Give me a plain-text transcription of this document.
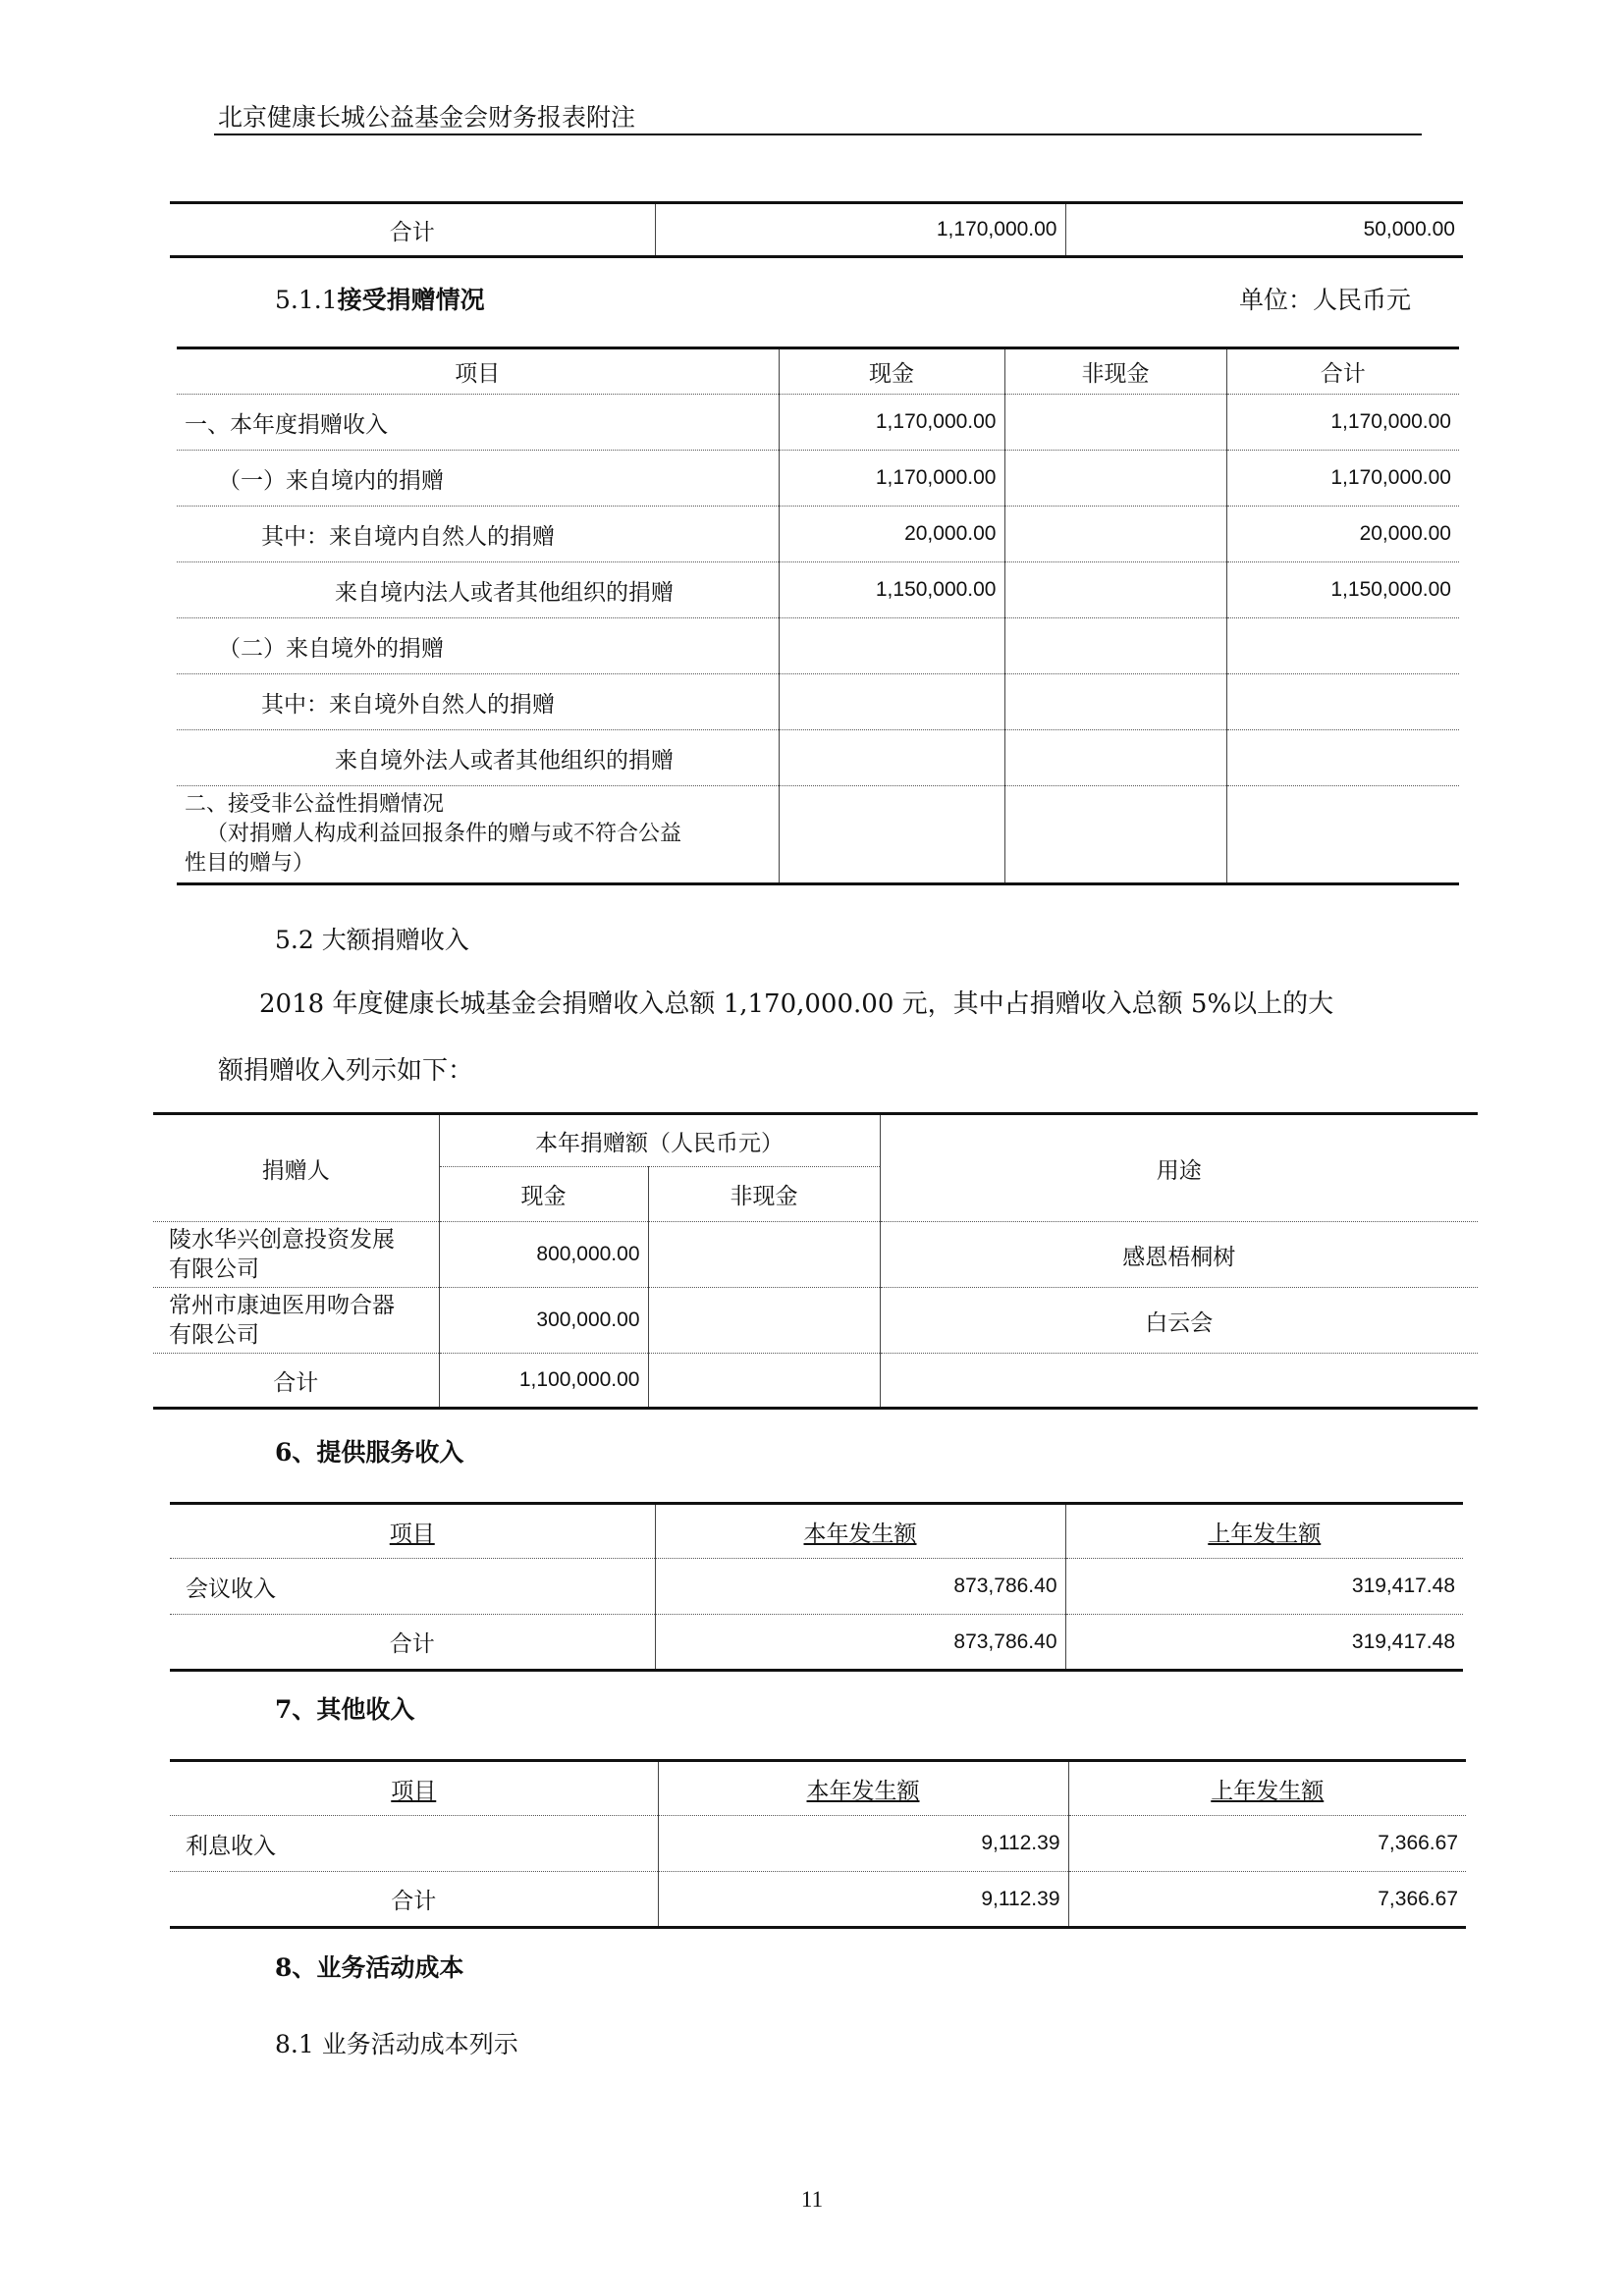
北京健康长城公益基金会财务报表附注
合计	1,170,000.00	50,000.00
5.1.1接受捐赠情况	单位：人民币元
项目	现金	非现金	合计
一、本年度捐赠收入	1,170,000.00		1,170,000.00
（一）来自境内的捐赠	1,170,000.00		1,170,000.00
其中：来自境内自然人的捐赠	20,000.00		20,000.00
来自境内法人或者其他组织的捐赠	1,150,000.00		1,150,000.00
（二）来自境外的捐赠			
其中：来自境外自然人的捐赠			
来自境外法人或者其他组织的捐赠			

二、接受非公益性捐赠情况
（对捐赠人构成利益回报条件的赠与或不符合公益
性目的赠与）			

5.2 大额捐赠收入
2018 年度健康长城基金会捐赠收入总额 1,170,000.00 元，其中占捐赠收入总额 5%以上的大
额捐赠收入列示如下：
捐赠人	本年捐赠额（人民币元）		用途
	现金	非现金	

陵水华兴创意投资发展
有限公司	800,000.00		感恩梧桐树

常州市康迪医用吻合器
有限公司	300,000.00		白云会
合计	1,100,000.00		
6、提供服务收入
项目	本年发生额	上年发生额
会议收入	873,786.40	319,417.48
合计	873,786.40	319,417.48
7、其他收入
项目	本年发生额	上年发生额
利息收入	9,112.39	7,366.67
合计	9,112.39	7,366.67
8、业务活动成本
8.1 业务活动成本列示
11
